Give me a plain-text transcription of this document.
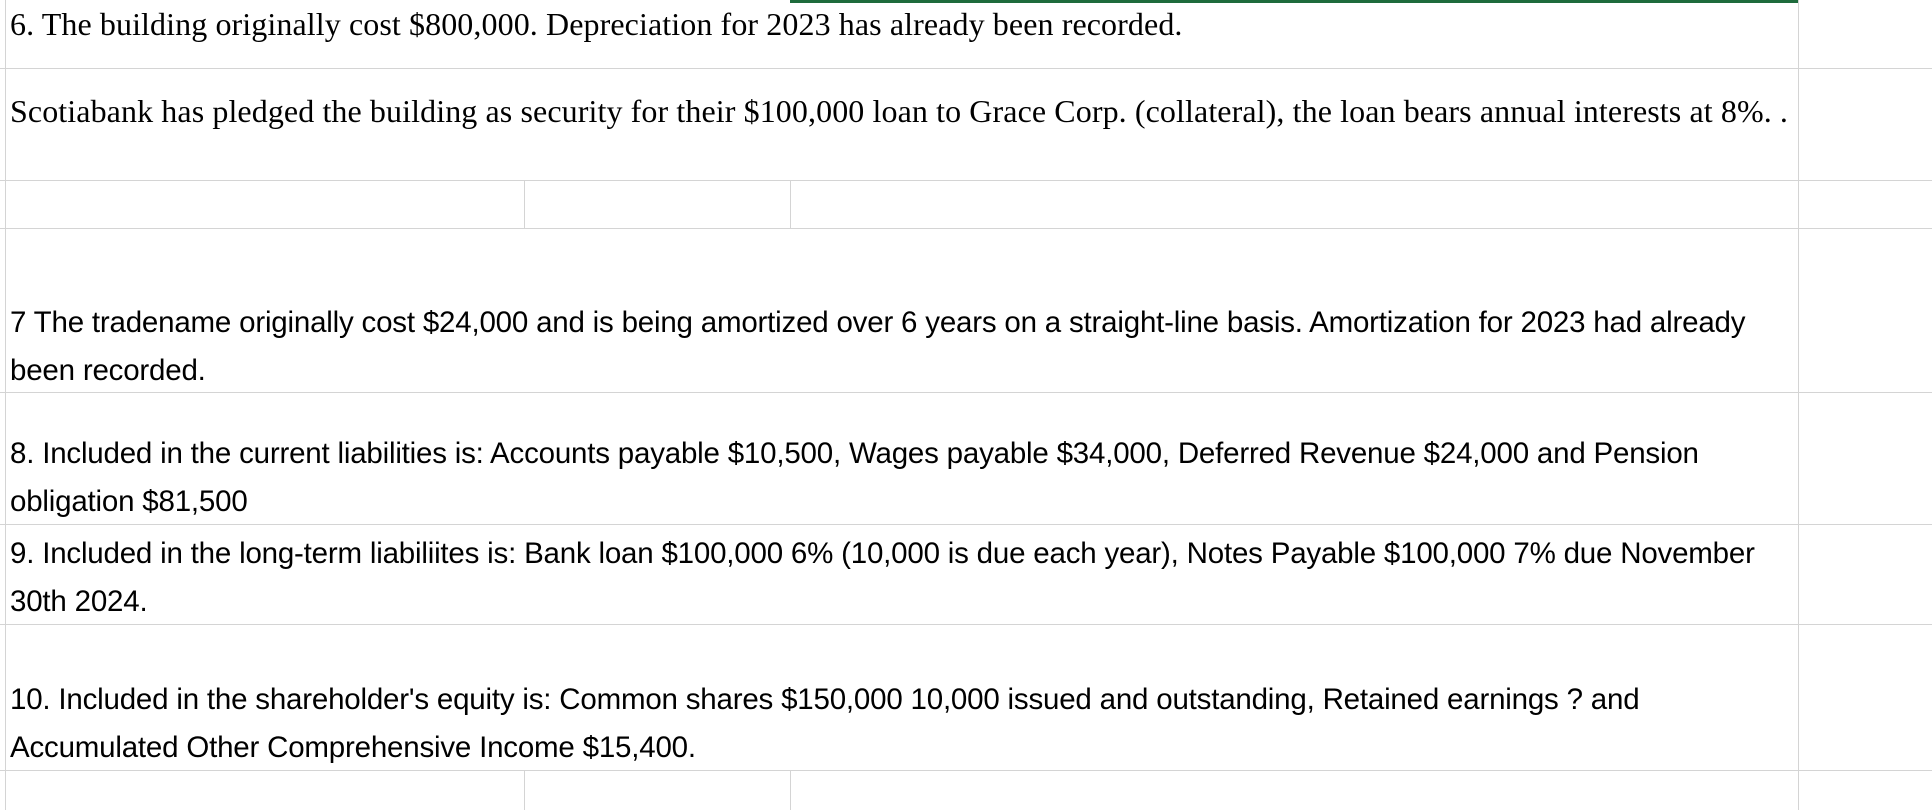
6. The building originally cost $800,000. Depreciation for 2023 has already been recorded.
Scotiabank has pledged the building as security for their $100,000 loan to Grace Corp. (collateral), the loan bears annual interests at 8%. .
7 The tradename originally cost $24,000 and is being amortized over 6 years on a straight-line basis. Amortization for 2023 had already been recorded.
8. Included in the current liabilities is: Accounts payable $10,500, Wages payable $34,000, Deferred Revenue $24,000 and Pension obligation $81,500
9. Included in the long-term liabiliites is: Bank loan $100,000 6% (10,000 is due each year), Notes Payable $100,000 7% due November 30th 2024.
10. Included in the shareholder's equity is: Common shares $150,000 10,000 issued and outstanding, Retained earnings ? and Accumulated Other Comprehensive Income $15,400.
